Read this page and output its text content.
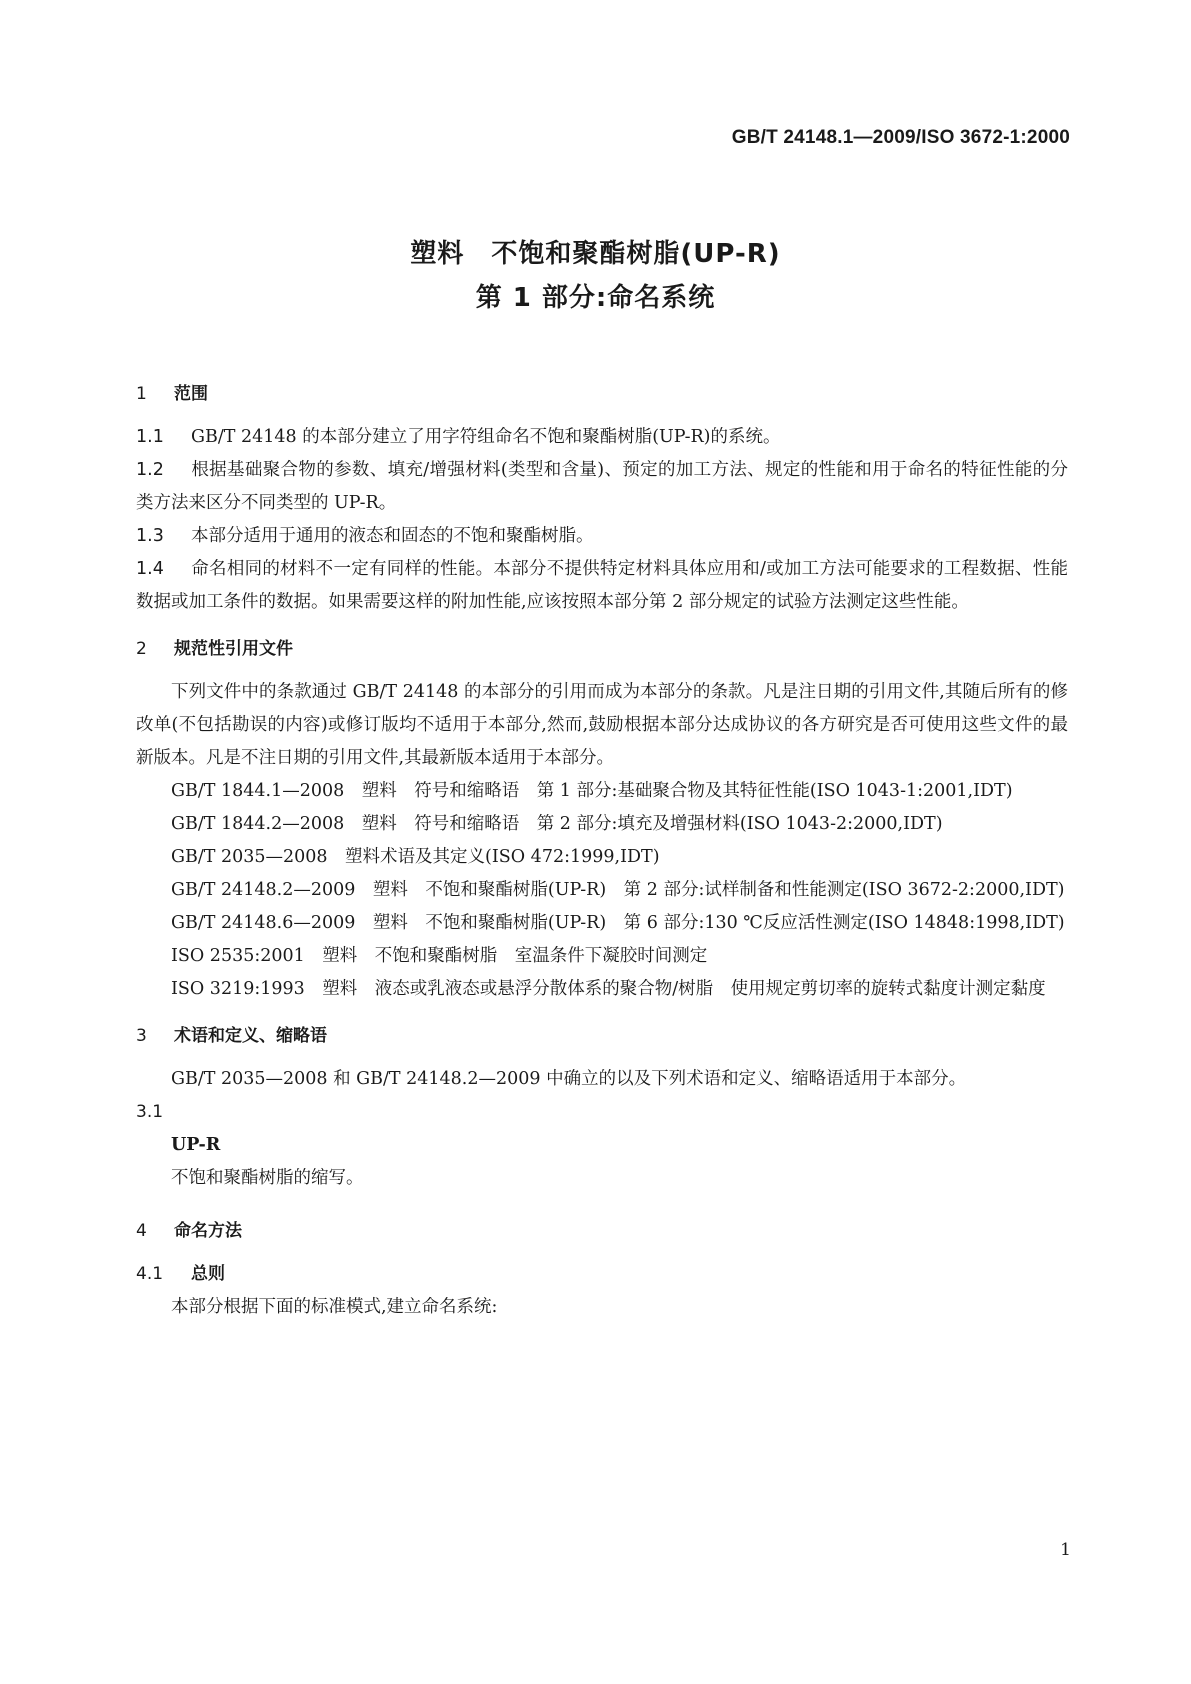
GB/T 24148.1—2009/ISO 3672-1:2000
塑料　不饱和聚酯树脂(UP-R)
第 1 部分:命名系统
1 范围

1.1 GB/T 24148 的本部分建立了用字符组命名不饱和聚酯树脂(UP-R)的系统。

1.2 根据基础聚合物的参数、填充/增强材料(类型和含量)、预定的加工方法、规定的性能和用于命名的特征性能的分类方法来区分不同类型的 UP-R。

1.3 本部分适用于通用的液态和固态的不饱和聚酯树脂。

1.4 命名相同的材料不一定有同样的性能。本部分不提供特定材料具体应用和/或加工方法可能要求的工程数据、性能数据或加工条件的数据。如果需要这样的附加性能,应该按照本部分第 2 部分规定的试验方法测定这些性能。

2 规范性引用文件

下列文件中的条款通过 GB/T 24148 的本部分的引用而成为本部分的条款。凡是注日期的引用文件,其随后所有的修改单(不包括勘误的内容)或修订版均不适用于本部分,然而,鼓励根据本部分达成协议的各方研究是否可使用这些文件的最新版本。凡是不注日期的引用文件,其最新版本适用于本部分。

GB/T 1844.1—2008　塑料　符号和缩略语　第 1 部分:基础聚合物及其特征性能(ISO 1043-1:2001,IDT)

GB/T 1844.2—2008　塑料　符号和缩略语　第 2 部分:填充及增强材料(ISO 1043-2:2000,IDT)

GB/T 2035—2008　塑料术语及其定义(ISO 472:1999,IDT)

GB/T 24148.2—2009　塑料　不饱和聚酯树脂(UP-R)　第 2 部分:试样制备和性能测定(ISO 3672-2:2000,IDT)

GB/T 24148.6—2009　塑料　不饱和聚酯树脂(UP-R)　第 6 部分:130 ℃反应活性测定(ISO 14848:1998,IDT)

ISO 2535:2001　塑料　不饱和聚酯树脂　室温条件下凝胶时间测定

ISO 3219:1993　塑料　液态或乳液态或悬浮分散体系的聚合物/树脂　使用规定剪切率的旋转式黏度计测定黏度

3 术语和定义、缩略语

GB/T 2035—2008 和 GB/T 24148.2—2009 中确立的以及下列术语和定义、缩略语适用于本部分。

3.1
UP-R

不饱和聚酯树脂的缩写。

4 命名方法
4.1 总则

本部分根据下面的标准模式,建立命名系统:

1
